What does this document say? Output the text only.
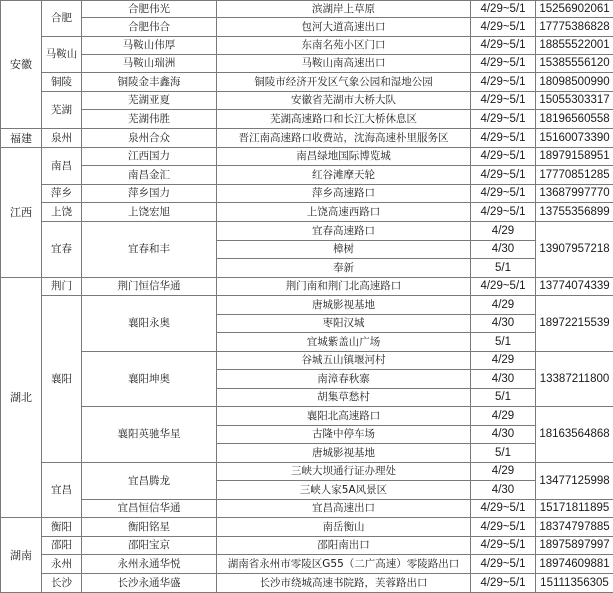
安徽	合肥	合肥伟光	滨湖岸上草原	4/29~5/1	15256902061
		合肥伟合	包河大道高速出口	4/29~5/1	17775386828
	马鞍山	马鞍山伟厚	东南名苑小区门口	4/29~5/1	18855522001
		马鞍山瑞洲	马鞍山南高速出口	4/29~5/1	15385556120
	铜陵	铜陵金丰鑫海	铜陵市经济开发区气象公园和湿地公园	4/29~5/1	18098500990
	芜湖	芜湖亚夏	安徽省芜湖市大桥大队	4/29~5/1	15055303317
		芜湖伟胜	芜湖高速路口和长江大桥休息区	4/29~5/1	18196560558
福建	泉州	泉州合众	晋江南高速路口收费站，沈海高速朴里服务区	4/29~5/1	15160073390
江西	南昌	江西国力	南昌绿地国际博览城	4/29~5/1	18979158951
		南昌金汇	红谷滩摩天轮	4/29~5/1	17770851285
	萍乡	萍乡国力	萍乡高速路口	4/29~5/1	13687997770
	上饶	上饶宏旭	上饶高速西路口	4/29~5/1	13755356899
	宜春	宜春和丰	宜春高速路口	4/29	13907957218
			樟树	4/30	
			奉新	5/1	
湖北	荆门	荆门恒信华通	荆门南和荆门北高速路口	4/29~5/1	13774074339
	襄阳	襄阳永奥	唐城影视基地	4/29	18972215539
			枣阳汉城	4/30	
			宜城紫盖山广场	5/1	
		襄阳坤奥	谷城五山镇堰河村	4/29	13387211800
			南漳春秋寨	4/30	
			胡集草愁村	5/1	
		襄阳英驰华星	襄阳北高速路口	4/29	18163564868
			古隆中停车场	4/30	
			唐城影视基地	5/1	
	宜昌	宜昌腾龙	三峡大坝通行证办理处	4/29	13477125998
			三峡人家5A风景区	4/30	
		宜昌恒信华通	宜昌高速出口	4/29~5/1	15171811895
湖南	衡阳	衡阳铭星	南岳衡山	4/29~5/1	18374797885
	邵阳	邵阳宝京	邵阳南出口	4/29~5/1	18975897997
	永州	永州永通华悦	湖南省永州市零陵区G55（二广高速）零陵路出口	4/29~5/1	18974609881
	长沙	长沙永通华盛	长沙市绕城高速书院路，芙蓉路出口	4/29~5/1	15111356305
